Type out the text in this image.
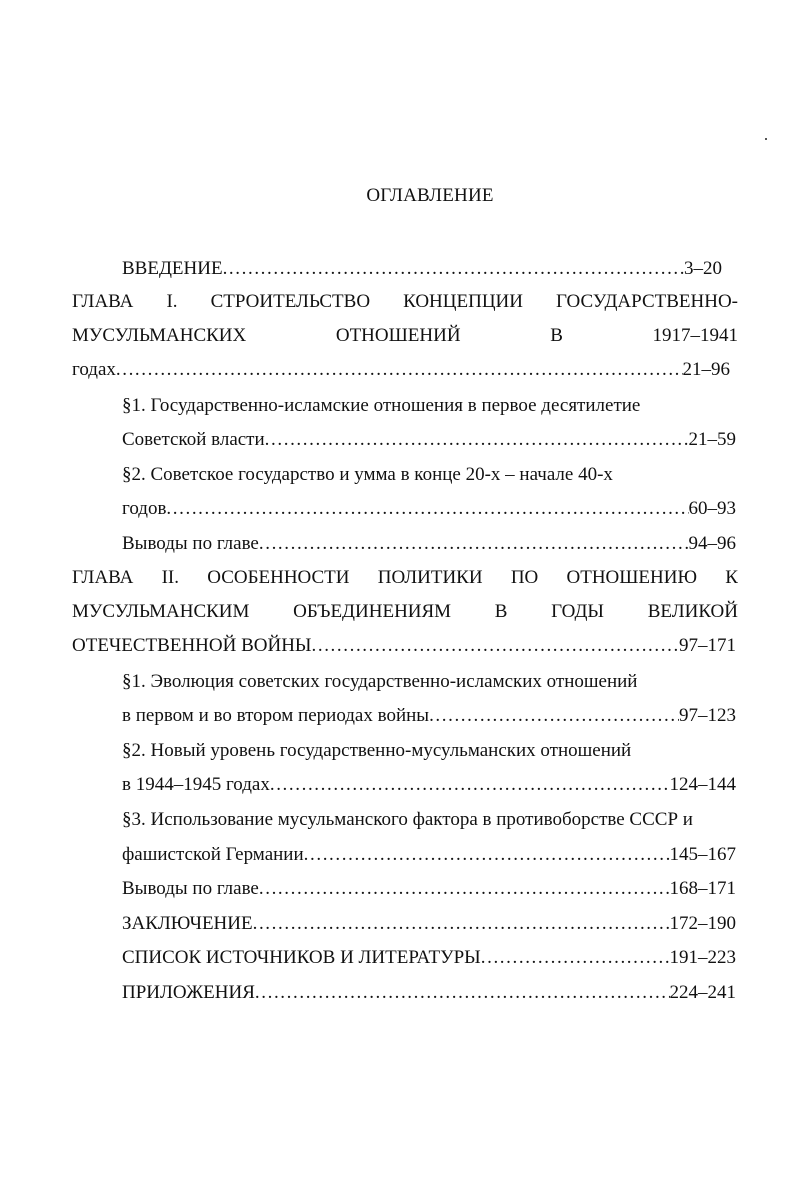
ОГЛАВЛЕНИЕ
ВВЕДЕНИЕ .....	3–20
ГЛАВА I. СТРОИТЕЛЬСТВО КОНЦЕПЦИИ ГОСУДАРСТВЕННО-
МУСУЛЬМАНСКИХ	ОТНОШЕНИЙ	В	1917–1941
годах .....	21–96
§1. Государственно-исламские отношения в первое десятилетие
Советской власти .....	21–59
§2. Советское государство и умма в конце 20-х – начале 40-х
годов .....	60–93
Выводы по главе .....	94–96
ГЛАВА II. ОСОБЕННОСТИ ПОЛИТИКИ ПО ОТНОШЕНИЮ К
МУСУЛЬМАНСКИМ ОБЪЕДИНЕНИЯМ В ГОДЫ ВЕЛИКОЙ
ОТЕЧЕСТВЕННОЙ ВОЙНЫ .....	97–171
§1. Эволюция советских государственно-исламских отношений
в первом и во втором периодах войны .....	97–123
§2. Новый уровень государственно-мусульманских отношений
в 1944–1945 годах .....	124–144
§3. Использование мусульманского фактора в противоборстве СССР и
фашистской Германии .....	145–167
Выводы по главе .....	168–171
ЗАКЛЮЧЕНИЕ .....	172–190
СПИСОК ИСТОЧНИКОВ И ЛИТЕРАТУРЫ .....	191–223
ПРИЛОЖЕНИЯ .....	224–241
